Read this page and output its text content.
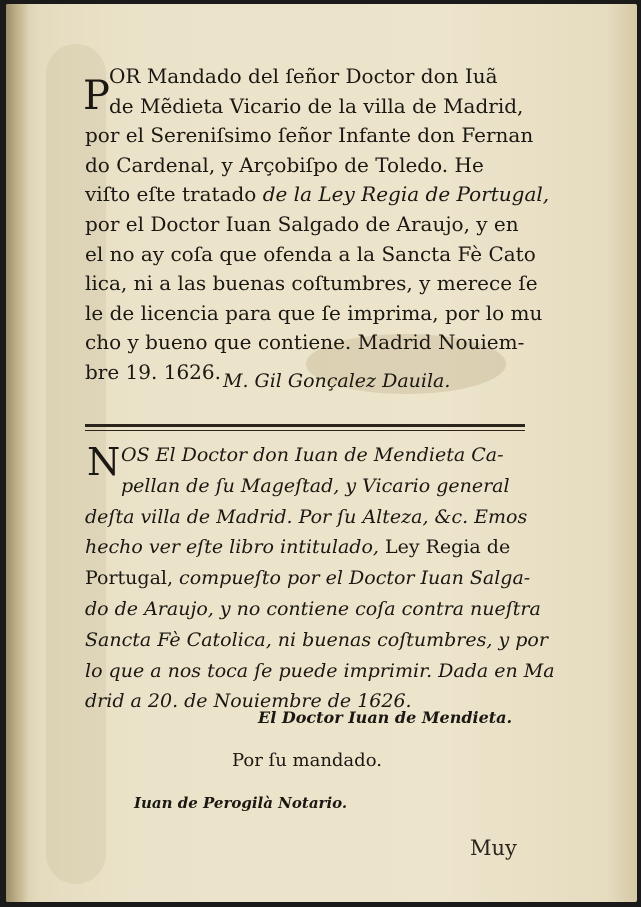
P OR Mandado del ſeñor Doctor don Iuã
de Mẽdieta Vicario de la villa de Madrid,
por el Sereniſsimo ſeñor Infante don Fernan
do Cardenal, y Arçobiſpo de Toledo. He
viſto eſte tratado de la Ley Regia de Portugal,
por el Doctor Iuan Salgado de Araujo, y en
el no ay coſa que ofenda a la Sancta Fè Cato
lica, ni a las buenas coſtumbres, y merece ſe
le de licencia para que ſe imprima, por lo mu
cho y bueno que contiene. Madrid Nouiem-
bre 19. 1626. M. Gil Gonçalez Dauila.
N OS El Doctor don Iuan de Mendieta Ca-
pellan de ſu Mageſtad, y Vicario general
deſta villa de Madrid. Por ſu Alteza, &c. Emos
hecho ver eſte libro intitulado, Ley Regia de
Portugal, compueſto por el Doctor Iuan Salga-
do de Araujo, y no contiene coſa contra nueſtra
Sancta Fè Catolica, ni buenas coſtumbres, y por
lo que a nos toca ſe puede imprimir. Dada en Ma
drid a 20. de Nouiembre de 1626.
El Doctor Iuan de Mendieta.
Por ſu mandado.
Iuan de Perogilà Notario.
Muy
